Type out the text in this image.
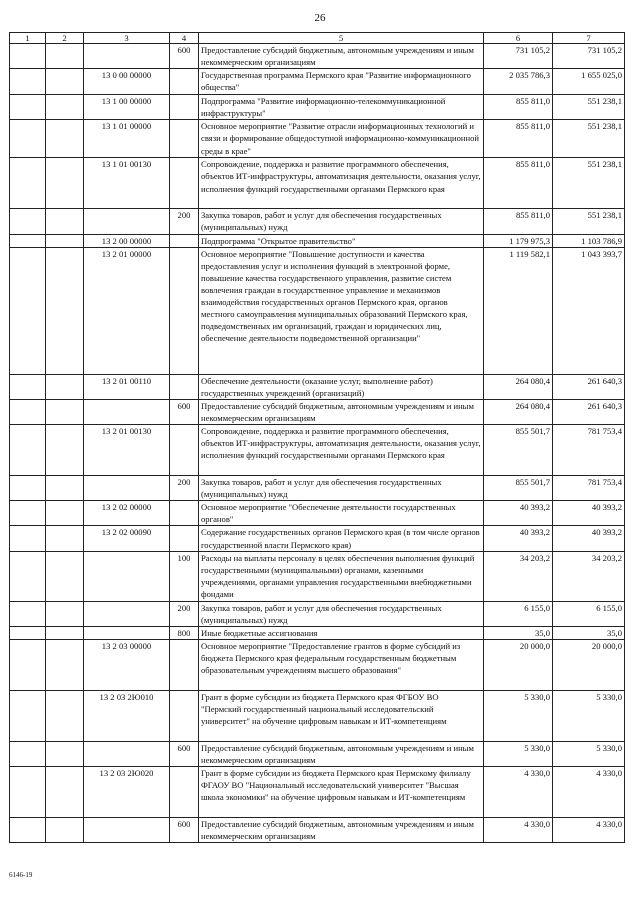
26
1	2	3	4	5	6	7
			600	Предоставление субсидий бюджетным, автономным учреждениям и иным некоммерческим организациям	731 105,2	731 105,2
		13 0 00 00000		Государственная программа Пермского края "Развитие информационного общества"	2 035 786,3	1 655 025,0
		13 1 00 00000		Подпрограмма "Развитие информационно-телекоммуникационной инфраструктуры"	855 811,0	551 238,1
		13 1 01 00000		Основное мероприятие "Развитие отрасли информационных технологий и связи и формирование общедоступной информационно-коммуникационной среды в крае"	855 811,0	551 238,1
		13 1 01 00130		Сопровождение, поддержка и развитие программного обеспечения, объектов ИТ-инфраструктуры, автоматизация деятельности, оказания услуг, исполнения функций государственными органами Пермского края	855 811,0	551 238,1
			200	Закупка товаров, работ и услуг для обеспечения государственных (муниципальных) нужд	855 811,0	551 238,1
		13 2 00 00000		Подпрограмма "Открытое правительство"	1 179 975,3	1 103 786,9
		13 2 01 00000		Основное мероприятие "Повышение доступности и качества предоставления услуг и исполнения функций в электронной форме, повышение качества государственного управления, развитие систем вовлечения граждан в государственное управление и механизмов взаимодействия государственных органов Пермского края, органов местного самоуправления муниципальных образований Пермского края, подведомственных им организаций, граждан и юридических лиц, обеспечение деятельности подведомственной организации"	1 119 582,1	1 043 393,7
		13 2 01 00110		Обеспечение деятельности (оказание услуг, выполнение работ) государственных учреждений (организаций)	264 080,4	261 640,3
			600	Предоставление субсидий бюджетным, автономным учреждениям и иным некоммерческим организациям	264 080,4	261 640,3
		13 2 01 00130		Сопровождение, поддержка и развитие программного обеспечения, объектов ИТ-инфраструктуры, автоматизация деятельности, оказания услуг, исполнения функций государственными органами Пермского края	855 501,7	781 753,4
			200	Закупка товаров, работ и услуг для обеспечения государственных (муниципальных) нужд	855 501,7	781 753,4
		13 2 02 00000		Основное мероприятие "Обеспечение деятельности государственных органов"	40 393,2	40 393,2
		13 2 02 00090		Содержание государственных органов Пермского края (в том числе органов государственной власти Пермского края)	40 393,2	40 393,2
			100	Расходы на выплаты персоналу в целях обеспечения выполнения функций государственными (муниципальными) органами, казенными учреждениями, органами управления государственными внебюджетными фондами	34 203,2	34 203,2
			200	Закупка товаров, работ и услуг для обеспечения государственных (муниципальных) нужд	6 155,0	6 155,0
			800	Иные бюджетные ассигнования	35,0	35,0
		13 2 03 00000		Основное мероприятие "Предоставление грантов в форме субсидий из бюджета Пермского края федеральным государственным бюджетным образовательным учреждениям высшего образования"	20 000,0	20 000,0
		13 2 03 2Ю010		Грант в форме субсидии из бюджета Пермского края ФГБОУ ВО "Пермский государственный национальный исследовательский университет" на обучение цифровым навыкам и ИТ-компетенциям	5 330,0	5 330,0
			600	Предоставление субсидий бюджетным, автономным учреждениям и иным некоммерческим организациям	5 330,0	5 330,0
		13 2 03 2Ю020		Грант в форме субсидии из бюджета Пермского края Пермскому филиалу ФГАОУ ВО "Национальный исследовательский университет "Высшая школа экономики" на обучение цифровым навыкам и ИТ-компетенциям	4 330,0	4 330,0
			600	Предоставление субсидий бюджетным, автономным учреждениям и иным некоммерческим организациям	4 330,0	4 330,0
6146-19
